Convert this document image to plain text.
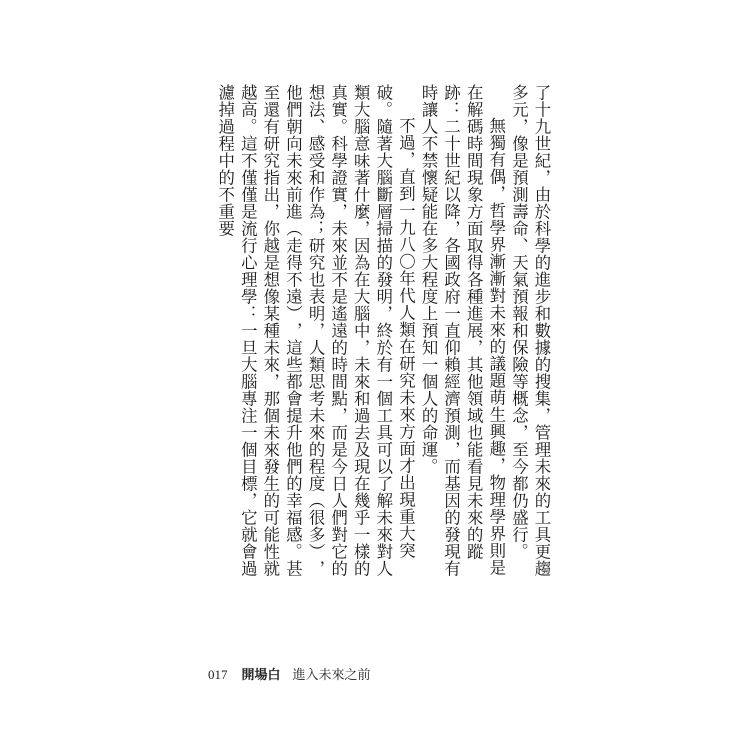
了十九世紀，由於科學的進步和數據的搜集，管理未來的工具更趨多元，像是預測壽命、天氣預報和保險等概念，至今都仍盛行。

無獨有偶，哲學界漸漸對未來的議題萌生興趣，物理學界則是在解碼時間現象方面取得各種進展，其他領域也能看見未來的蹤跡：二十世紀以降，各國政府一直仰賴經濟預測，而基因的發現有時讓人不禁懷疑能在多大程度上預知一個人的命運。

不過，直到一九八〇年代人類在研究未來方面才出現重大突破。隨著大腦斷層掃描的發明，終於有一個工具可以了解未來對人類大腦意味著什麼，因為在大腦中，未來和過去及現在幾乎一樣的真實。科學證實，未來並不是遙遠的時間點，而是今日人們對它的想法、感受和作為；研究也表明，人類思考未來的程度︵很多︶，他們朝向未來前進︵走得不遠︶，這些都會提升他們的幸福感。甚至還有研究指出，你越是想像某種未來，那個未來發生的可能性就越高。這不僅僅是流行心理學：一旦大腦專注一個目標，它就會過濾掉過程中的不重要

017 開場白 進入未來之前
